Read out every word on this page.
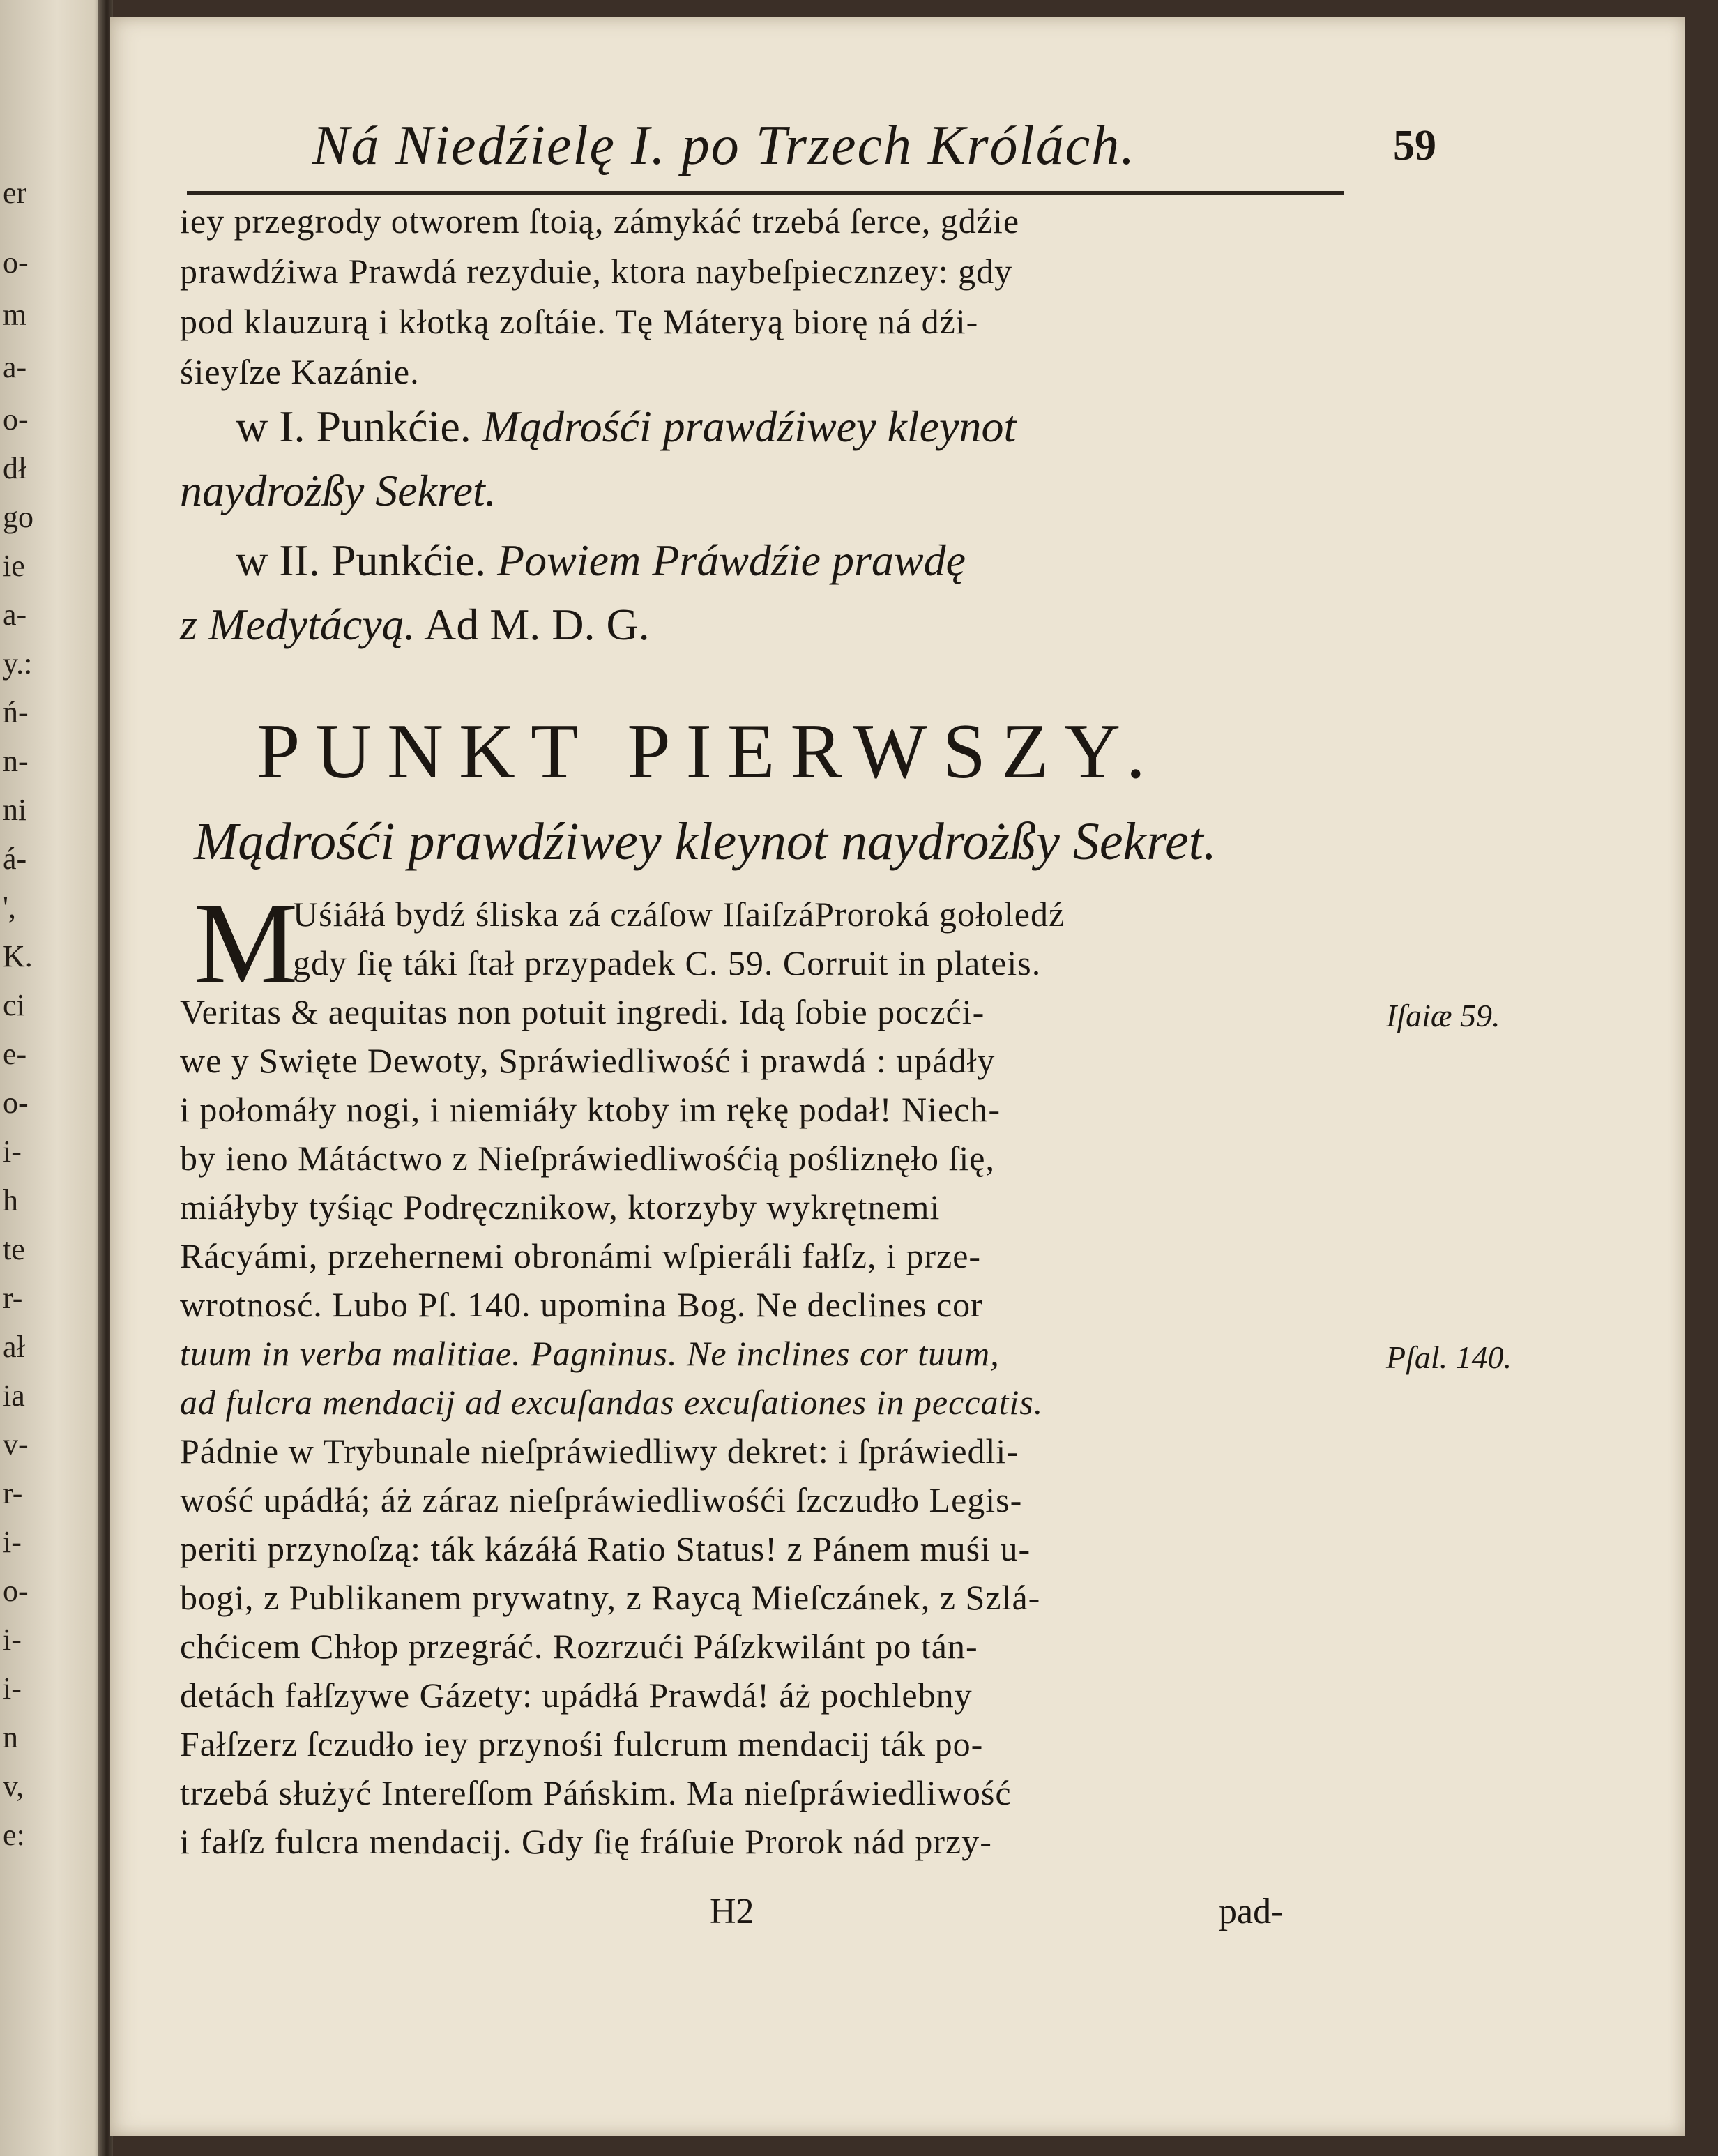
er
o-
m
a-
o-
dł
go
ie
a-
y.:
ń-
n-
ni
á-
',
K.
ci
e-
o-
i-
h
te
r-
ał
ia
v-
r-
i-
o-
i-
i-
n
v,
e:
Ná Niedźielę I. po Trzech Królách.	59
iey przegrody otworem ſtoią, zámykáć trzebá ſerce, gdźie
prawdźiwa Prawdá rezyduie, ktora naybeſpiecznzey: gdy
pod klauzurą i kłotką zoſtáie. Tę Máteryą biorę ná dźi-
śieyſze Kazánie.
w I. Punkćie. Mądrośći prawdźiwey kleynot
naydrożßy Sekret.
w II. Punkćie. Powiem Práwdźie prawdę
z Medytácyą. Ad M. D. G.
PUNKT PIERWSZY.
Mądrośći prawdźiwey kleynot naydrożßy Sekret.
M
Uśiáłá bydź śliska zá czáſow IſaiſzáProroká gołoledź
gdy ſię táki ſtał przypadek C. 59. Corruit in plateis.
Veritas & aequitas non potuit ingredi. Idą ſobie poczći-
we y Swięte Dewoty, Spráwiedliwość i prawdá : upádły
i połomáły nogi, i niemiáły ktoby im rękę podał! Niech-
by ieno Mátáctwo z Nieſpráwiedliwośćią pośliznęło ſię,
miáłyby tyśiąc Podręcznikow, ktorzyby wykrętnemi
Rácyámi, przeherneмi obronámi wſpieráli fałſz, i prze-
wrotnosć. Lubo Pſ. 140. upomina Bog. Ne declines cor
tuum in verba malitiae. Pagninus. Ne inclines cor tuum,
ad fulcra mendacij ad excuſandas excuſationes in peccatis.
Pádnie w Trybunale nieſpráwiedliwy dekret: i ſpráwiedli-
wość upádłá; áż záraz nieſpráwiedliwośći ſzczudło Legis-
periti przynoſzą: ták kázáłá Ratio Status! z Pánem muśi u-
bogi, z Publikanem prywatny, z Raycą Mieſczánek, z Szlá-
chćicem Chłop przegráć. Rozrzući Páſzkwilánt po tán-
detách fałſzywe Gázety: upádłá Prawdá! áż pochlebny
Fałſzerz ſczudło iey przynośi fulcrum mendacij ták po-
trzebá służyć Intereſſom Páńskim. Ma nieſpráwiedliwość
i fałſz fulcra mendacij. Gdy ſię fráſuie Prorok nád przy-
Iſaiæ 59.
Pſal. 140.
H2	pad-
